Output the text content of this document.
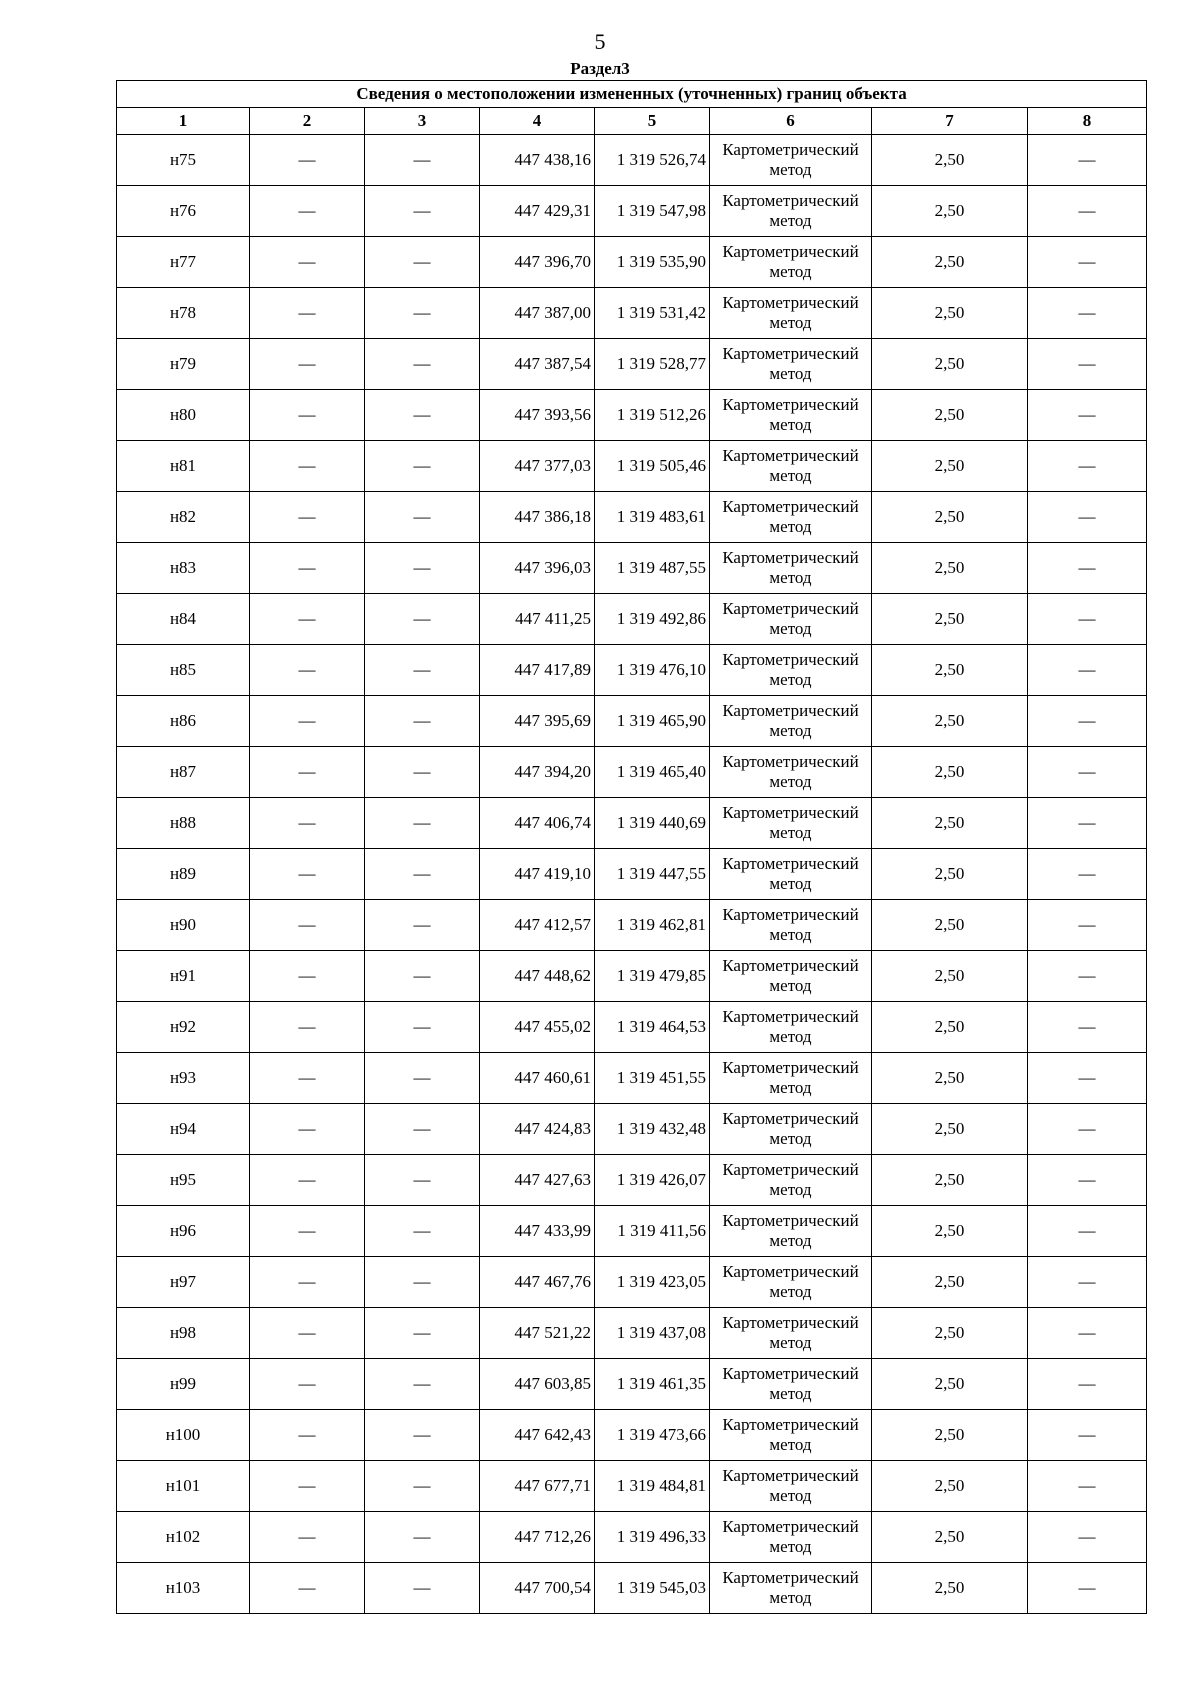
5
Раздел3
Сведения о местоположении измененных (уточненных) границ объекта							
1	2	3	4	5	6	7	8
н75	—	—	447 438,16	1 319 526,74	Картометрический метод	2,50	—
н76	—	—	447 429,31	1 319 547,98	Картометрический метод	2,50	—
н77	—	—	447 396,70	1 319 535,90	Картометрический метод	2,50	—
н78	—	—	447 387,00	1 319 531,42	Картометрический метод	2,50	—
н79	—	—	447 387,54	1 319 528,77	Картометрический метод	2,50	—
н80	—	—	447 393,56	1 319 512,26	Картометрический метод	2,50	—
н81	—	—	447 377,03	1 319 505,46	Картометрический метод	2,50	—
н82	—	—	447 386,18	1 319 483,61	Картометрический метод	2,50	—
н83	—	—	447 396,03	1 319 487,55	Картометрический метод	2,50	—
н84	—	—	447 411,25	1 319 492,86	Картометрический метод	2,50	—
н85	—	—	447 417,89	1 319 476,10	Картометрический метод	2,50	—
н86	—	—	447 395,69	1 319 465,90	Картометрический метод	2,50	—
н87	—	—	447 394,20	1 319 465,40	Картометрический метод	2,50	—
н88	—	—	447 406,74	1 319 440,69	Картометрический метод	2,50	—
н89	—	—	447 419,10	1 319 447,55	Картометрический метод	2,50	—
н90	—	—	447 412,57	1 319 462,81	Картометрический метод	2,50	—
н91	—	—	447 448,62	1 319 479,85	Картометрический метод	2,50	—
н92	—	—	447 455,02	1 319 464,53	Картометрический метод	2,50	—
н93	—	—	447 460,61	1 319 451,55	Картометрический метод	2,50	—
н94	—	—	447 424,83	1 319 432,48	Картометрический метод	2,50	—
н95	—	—	447 427,63	1 319 426,07	Картометрический метод	2,50	—
н96	—	—	447 433,99	1 319 411,56	Картометрический метод	2,50	—
н97	—	—	447 467,76	1 319 423,05	Картометрический метод	2,50	—
н98	—	—	447 521,22	1 319 437,08	Картометрический метод	2,50	—
н99	—	—	447 603,85	1 319 461,35	Картометрический метод	2,50	—
н100	—	—	447 642,43	1 319 473,66	Картометрический метод	2,50	—
н101	—	—	447 677,71	1 319 484,81	Картометрический метод	2,50	—
н102	—	—	447 712,26	1 319 496,33	Картометрический метод	2,50	—
н103	—	—	447 700,54	1 319 545,03	Картометрический метод	2,50	—
